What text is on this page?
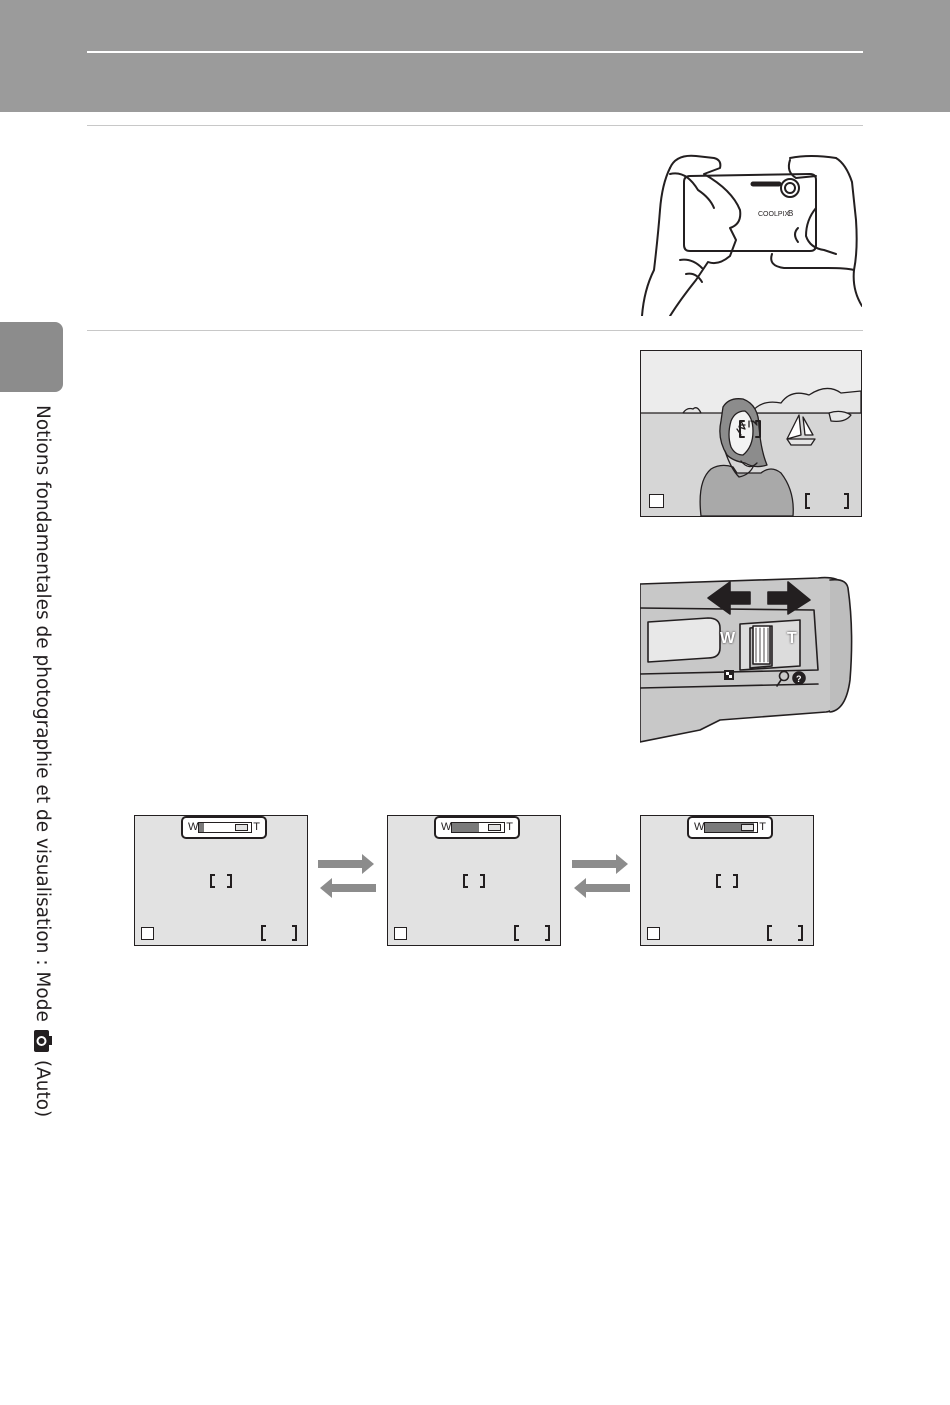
Notions fondamentales de photographie et de visualisation : Mode
(Auto)
COOLPIX
B
?
W	T
W	T	W	T	W	T
